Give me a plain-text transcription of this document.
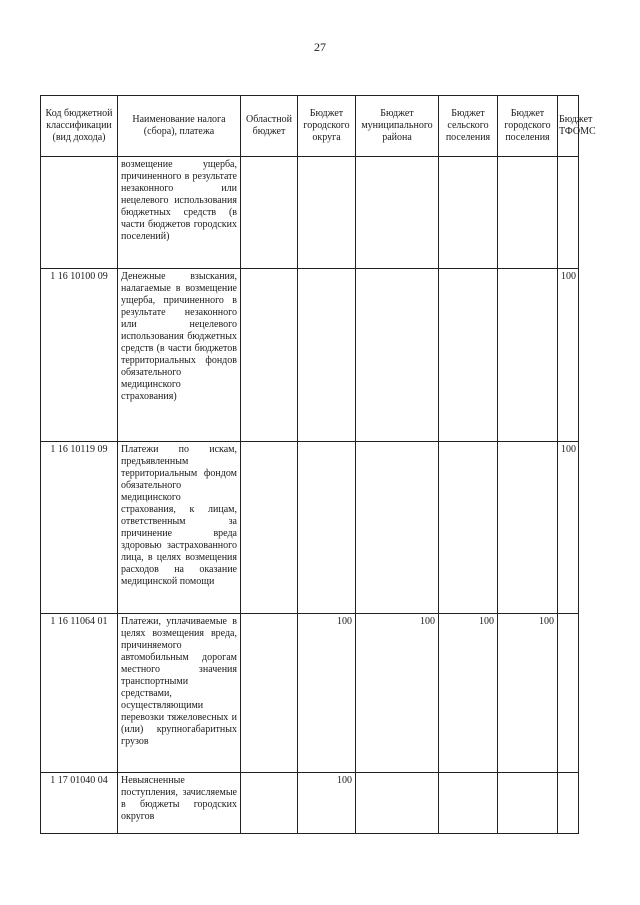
27
Код бюджетной классификации (вид дохода)	Наименование налога (сбора), платежа	Областной бюджет	Бюджет городского округа	Бюджет муниципального района	Бюджет сельского поселения	Бюджет городского поселения	Бюджет ТФОМС
	возмещение ущерба, причиненного в результате незаконного или нецелевого использования бюджетных средств (в части бюджетов городских поселений)						
1 16 10100 09	Денежные взыскания, налагаемые в возмещение ущерба, причиненного в результате незаконного или нецелевого использования бюджетных средств (в части бюджетов территориальных фондов обязательного медицинского страхования)						100
1 16 10119 09	Платежи по искам, предъявленным территориальным фондом обязательного медицинского страхования, к лицам, ответственным за причинение вреда здоровью застрахованного лица, в целях возмещения расходов на оказание медицинской помощи						100
1 16 11064 01	Платежи, уплачиваемые в целях возмещения вреда, причиняемого автомобильным дорогам местного значения транспортными средствами, осуществляющими перевозки тяжеловесных и (или) крупногабаритных грузов		100	100	100	100	
1 17 01040 04	Невыясненные поступления, зачисляемые в бюджеты городских округов		100				
